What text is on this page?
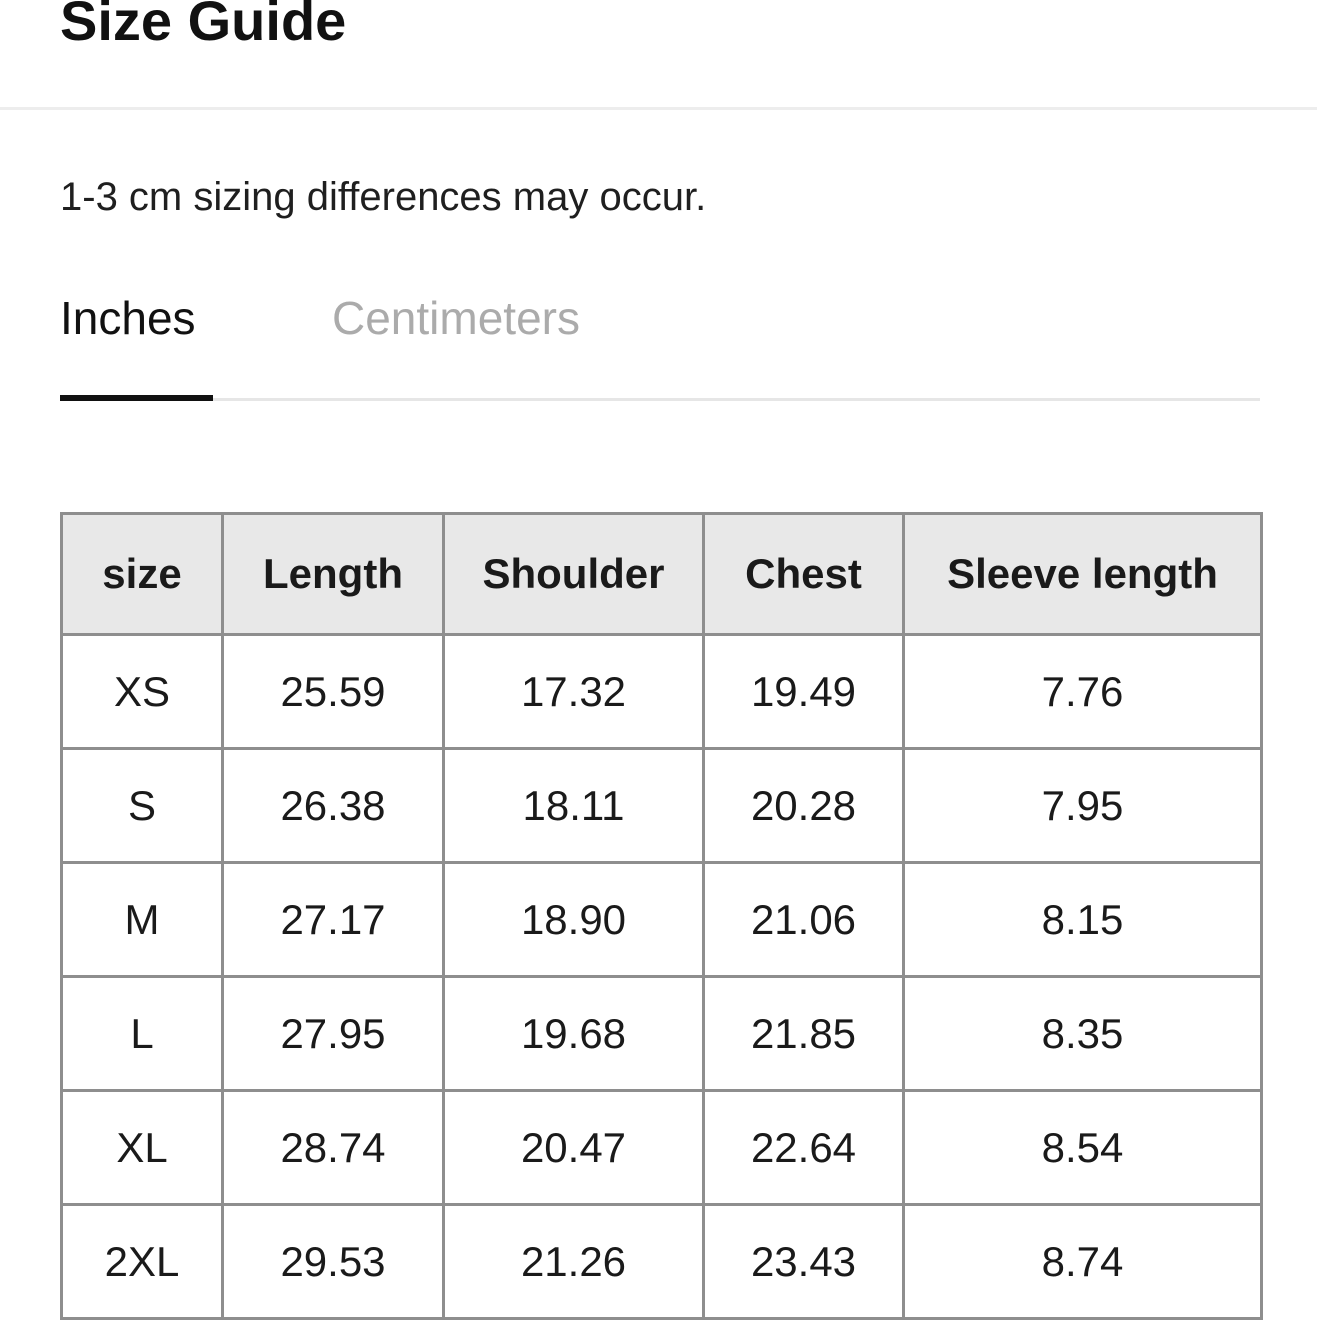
Size Guide
1-3 cm sizing differences may occur.
Inches	Centimeters
size	Length	Shoulder	Chest	Sleeve length
XS	25.59	17.32	19.49	7.76
S	26.38	18.11	20.28	7.95
M	27.17	18.90	21.06	8.15
L	27.95	19.68	21.85	8.35
XL	28.74	20.47	22.64	8.54
2XL	29.53	21.26	23.43	8.74
